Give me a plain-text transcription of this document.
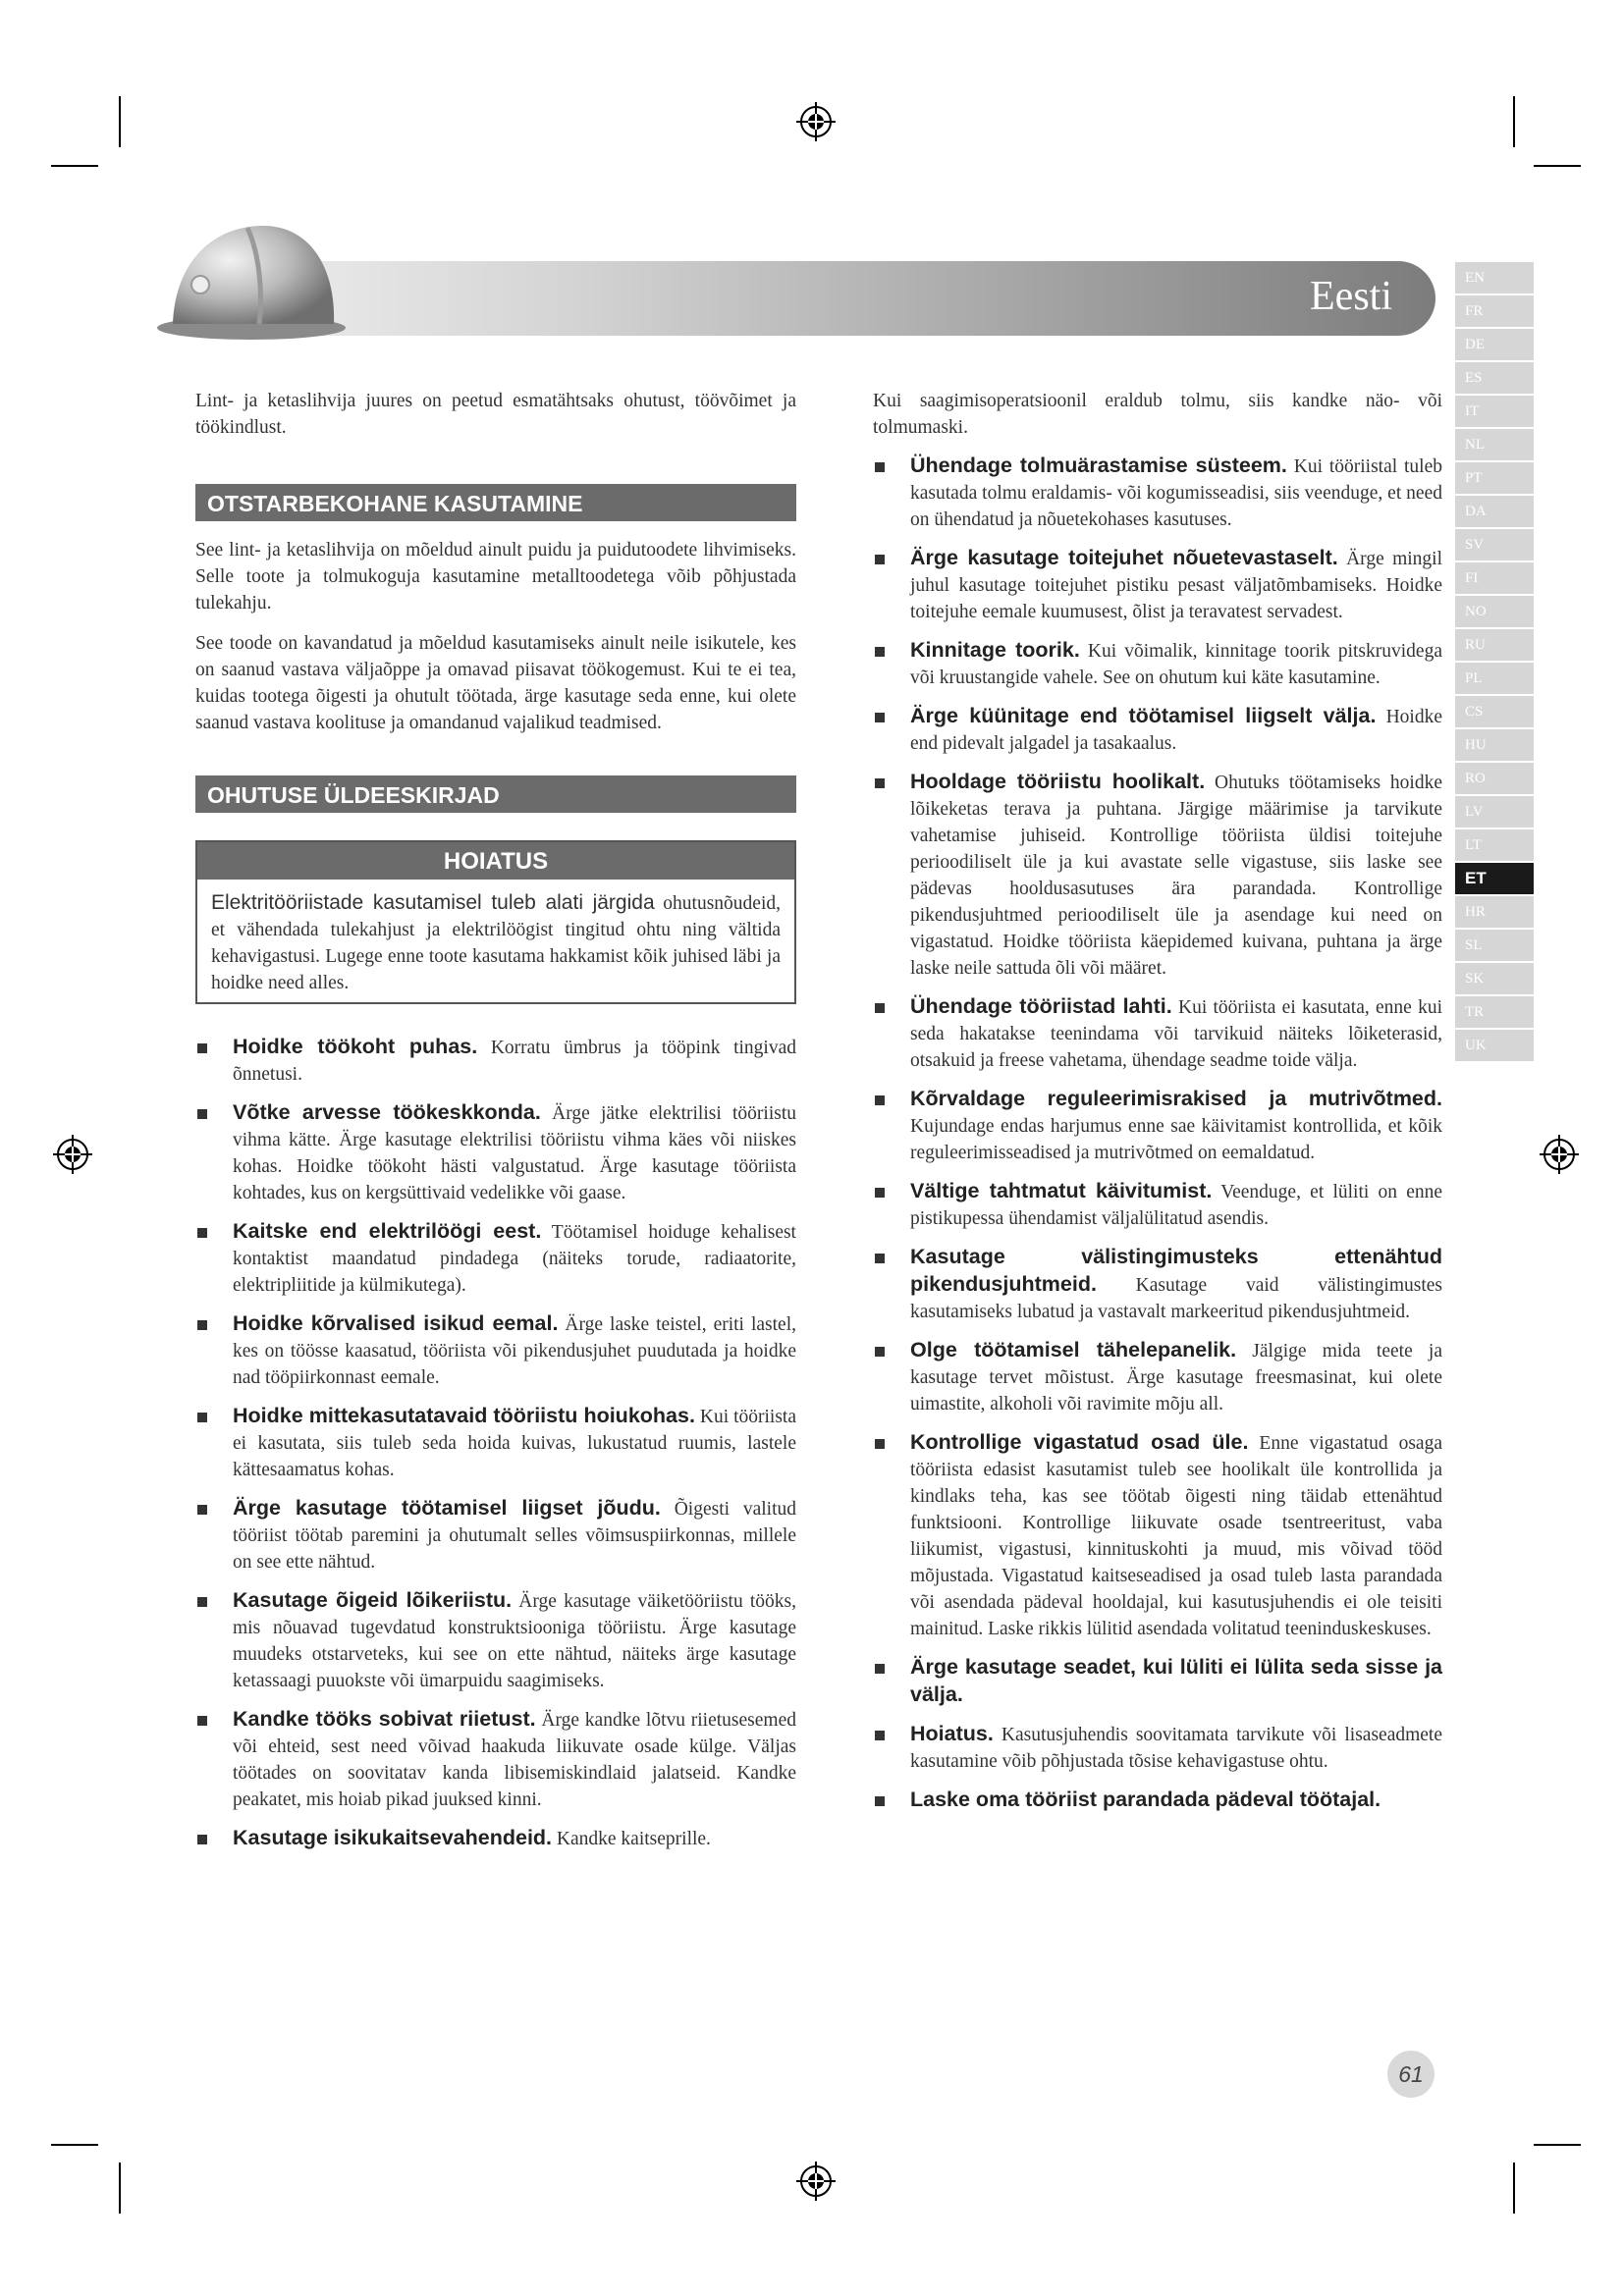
Eesti	EN
FR
DE
ES
IT
NL
PT
DA
SV
FI
NO
RU
PL
CS
HU
RO
LV
LT
ET
HR
SL
SK
TR
UK

Lint- ja ketaslihvija juures on peetud esmatähtsaks ohutust, töövõimet ja töökindlust.

OTSTARBEKOHANE KASUTAMINE

See lint- ja ketaslihvija on mõeldud ainult puidu ja puidutoodete lihvimiseks. Selle toote ja tolmukoguja kasutamine metalltoodetega võib põhjustada tulekahju.

See toode on kavandatud ja mõeldud kasutamiseks ainult neile isikutele, kes on saanud vastava väljaõppe ja omavad piisavat töökogemust. Kui te ei tea, kuidas tootega õigesti ja ohutult töötada, ärge kasutage seda enne, kui olete saanud vastava koolituse ja omandanud vajalikud teadmised.

OHUTUSE ÜLDEESKIRJAD
HOIATUS
Elektritööriistade kasutamisel tuleb alati järgida ohutusnõudeid, et vähendada tulekahjust ja elektrilöögist tingitud ohtu ning vältida kehavigastusi. Lugege enne toote kasutama hakkamist kõik juhised läbi ja hoidke need alles.

Hoidke töökoht puhas. Korratu ümbrus ja tööpink tingivad õnnetusi.

Võtke arvesse töökeskkonda. Ärge jätke elektrilisi tööriistu vihma kätte. Ärge kasutage elektrilisi tööriistu vihma käes või niiskes kohas. Hoidke töökoht hästi valgustatud. Ärge kasutage tööriista kohtades, kus on kergsüttivaid vedelikke või gaase.

Kaitske end elektrilöögi eest. Töötamisel hoiduge kehalisest kontaktist maandatud pindadega (näiteks torude, radiaatorite, elektripliitide ja külmikutega).

Hoidke kõrvalised isikud eemal. Ärge laske teistel, eriti lastel, kes on töösse kaasatud, tööriista või pikendusjuhet puudutada ja hoidke nad tööpiirkonnast eemale.

Hoidke mittekasutatavaid tööriistu hoiukohas. Kui tööriista ei kasutata, siis tuleb seda hoida kuivas, lukustatud ruumis, lastele kättesaamatus kohas.

Ärge kasutage töötamisel liigset jõudu. Õigesti valitud tööriist töötab paremini ja ohutumalt selles võimsuspiirkonnas, millele on see ette nähtud.

Kasutage õigeid lõikeriistu. Ärge kasutage väiketööriistu tööks, mis nõuavad tugevdatud konstruktsiooniga tööriistu. Ärge kasutage muudeks otstarveteks, kui see on ette nähtud, näiteks ärge kasutage ketassaagi puuokste või ümarpuidu saagimiseks.

Kandke tööks sobivat riietust. Ärge kandke lõtvu riietusesemed või ehteid, sest need võivad haakuda liikuvate osade külge. Väljas töötades on soovitatav kanda libisemiskindlaid jalatseid. Kandke peakatet, mis hoiab pikad juuksed kinni.

Kasutage isikukaitsevahendeid. Kandke kaitseprille.

Kui saagimisoperatsioonil eraldub tolmu, siis kandke näo- või tolmumaski.

Ühendage tolmuärastamise süsteem. Kui tööriistal tuleb kasutada tolmu eraldamis- või kogumisseadisi, siis veenduge, et need on ühendatud ja nõuetekohases kasutuses.

Ärge kasutage toitejuhet nõuetevastaselt. Ärge mingil juhul kasutage toitejuhet pistiku pesast väljatõmbamiseks. Hoidke toitejuhe eemale kuumusest, õlist ja teravatest servadest.

Kinnitage toorik. Kui võimalik, kinnitage toorik pitskruvidega või kruustangide vahele. See on ohutum kui käte kasutamine.

Ärge küünitage end töötamisel liigselt välja. Hoidke end pidevalt jalgadel ja tasakaalus.

Hooldage tööriistu hoolikalt. Ohutuks töötamiseks hoidke lõikeketas terava ja puhtana. Järgige määrimise ja tarvikute vahetamise juhiseid. Kontrollige tööriista üldisi toitejuhe perioodiliselt üle ja kui avastate selle vigastuse, siis laske see pädevas hooldusasutuses ära parandada. Kontrollige pikendusjuhtmed perioodiliselt üle ja asendage kui need on vigastatud. Hoidke tööriista käepidemed kuivana, puhtana ja ärge laske neile sattuda õli või määret.

Ühendage tööriistad lahti. Kui tööriista ei kasutata, enne kui seda hakatakse teenindama või tarvikuid näiteks lõiketerasid, otsakuid ja freese vahetama, ühendage seadme toide välja.

Kõrvaldage reguleerimisrakised ja mutrivõtmed. Kujundage endas harjumus enne sae käivitamist kontrollida, et kõik reguleerimisseadised ja mutrivõtmed on eemaldatud.

Vältige tahtmatut käivitumist. Veenduge, et lüliti on enne pistikupessa ühendamist väljalülitatud asendis.

Kasutage välistingimusteks ettenähtud pikendusjuhtmeid. Kasutage vaid välistingimustes kasutamiseks lubatud ja vastavalt markeeritud pikendusjuhtmeid.

Olge töötamisel tähelepanelik. Jälgige mida teete ja kasutage tervet mõistust. Ärge kasutage freesmasinat, kui olete uimastite, alkoholi või ravimite mõju all.

Kontrollige vigastatud osad üle. Enne vigastatud osaga tööriista edasist kasutamist tuleb see hoolikalt üle kontrollida ja kindlaks teha, kas see töötab õigesti ning täidab ettenähtud funktsiooni. Kontrollige liikuvate osade tsentreeritust, vaba liikumist, vigastusi, kinnituskohti ja muud, mis võivad tööd mõjustada. Vigastatud kaitseseadised ja osad tuleb lasta parandada või asendada pädeval hooldajal, kui kasutusjuhendis ei ole teisiti mainitud. Laske rikkis lülitid asendada volitatud teeninduskeskuses.

Ärge kasutage seadet, kui lüliti ei lülita seda sisse ja välja.

Hoiatus. Kasutusjuhendis soovitamata tarvikute või lisaseadmete kasutamine võib põhjustada tõsise kehavigastuse ohtu.

Laske oma tööriist parandada pädeval töötajal.

61
